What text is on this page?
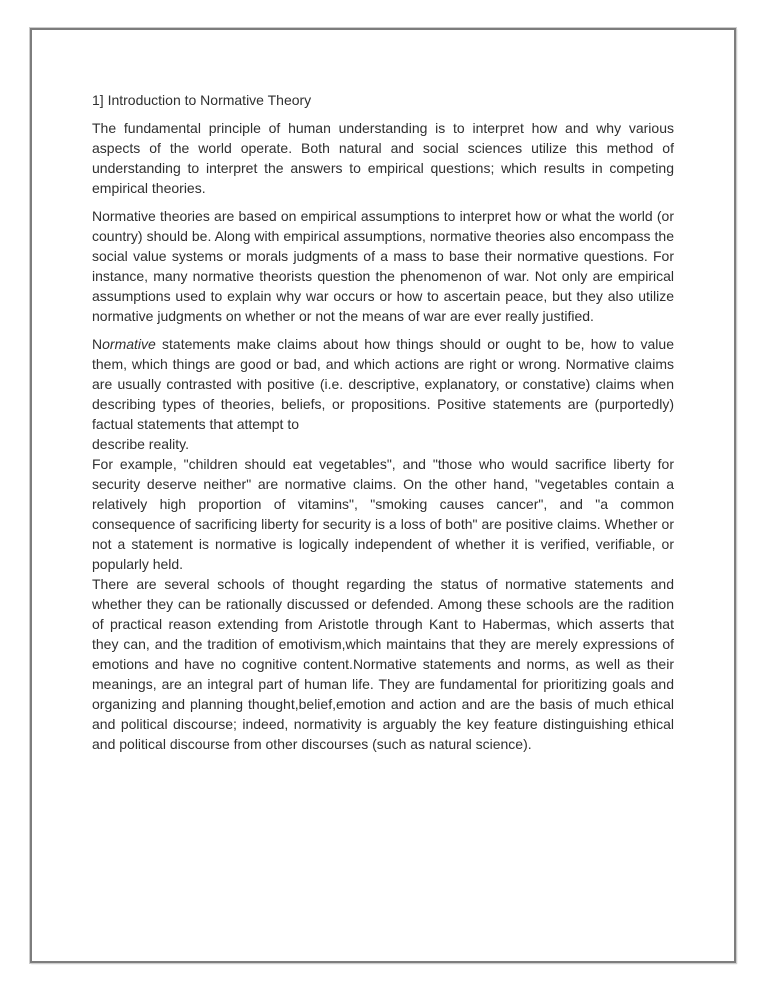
1] Introduction to Normative Theory

The fundamental principle of human understanding is to interpret how and why various aspects of the world operate. Both natural and social sciences utilize this method of understanding to interpret the answers to empirical questions; which results in competing empirical theories.

Normative theories are based on empirical assumptions to interpret how or what the world (or country) should be. Along with empirical assumptions, normative theories also encompass the social value systems or morals judgments of a mass to base their normative questions. For instance, many normative theorists question the phenomenon of war. Not only are empirical assumptions used to explain why war occurs or how to ascertain peace, but they also utilize normative judgments on whether or not the means of war are ever really justified.

Normative statements make claims about how things should or ought to be, how to value them, which things are good or bad, and which actions are right or wrong. Normative claims are usually contrasted with positive (i.e. descriptive, explanatory, or constative) claims when describing types of theories, beliefs, or propositions. Positive statements are (purportedly) factual statements that attempt to
describe reality.

For example, "children should eat vegetables", and "those who would sacrifice liberty for security deserve neither" are normative claims. On the other hand, "vegetables contain a relatively high proportion of vitamins", "smoking causes cancer", and "a common consequence of sacrificing liberty for security is a loss of both" are positive claims. Whether or not a statement is normative is logically independent of whether it is verified, verifiable, or popularly held.

There are several schools of thought regarding the status of normative statements and whether they can be rationally discussed or defended. Among these schools are the radition of practical reason extending from Aristotle through Kant to Habermas, which asserts that they can, and the tradition of emotivism,which maintains that they are merely expressions of emotions and have no cognitive content.Normative statements and norms, as well as their meanings, are an integral part of human life. They are fundamental for prioritizing goals and organizing and planning thought,belief,emotion and action and are the basis of much ethical and political discourse; indeed, normativity is arguably the key feature distinguishing ethical and political discourse from other discourses (such as natural science).
